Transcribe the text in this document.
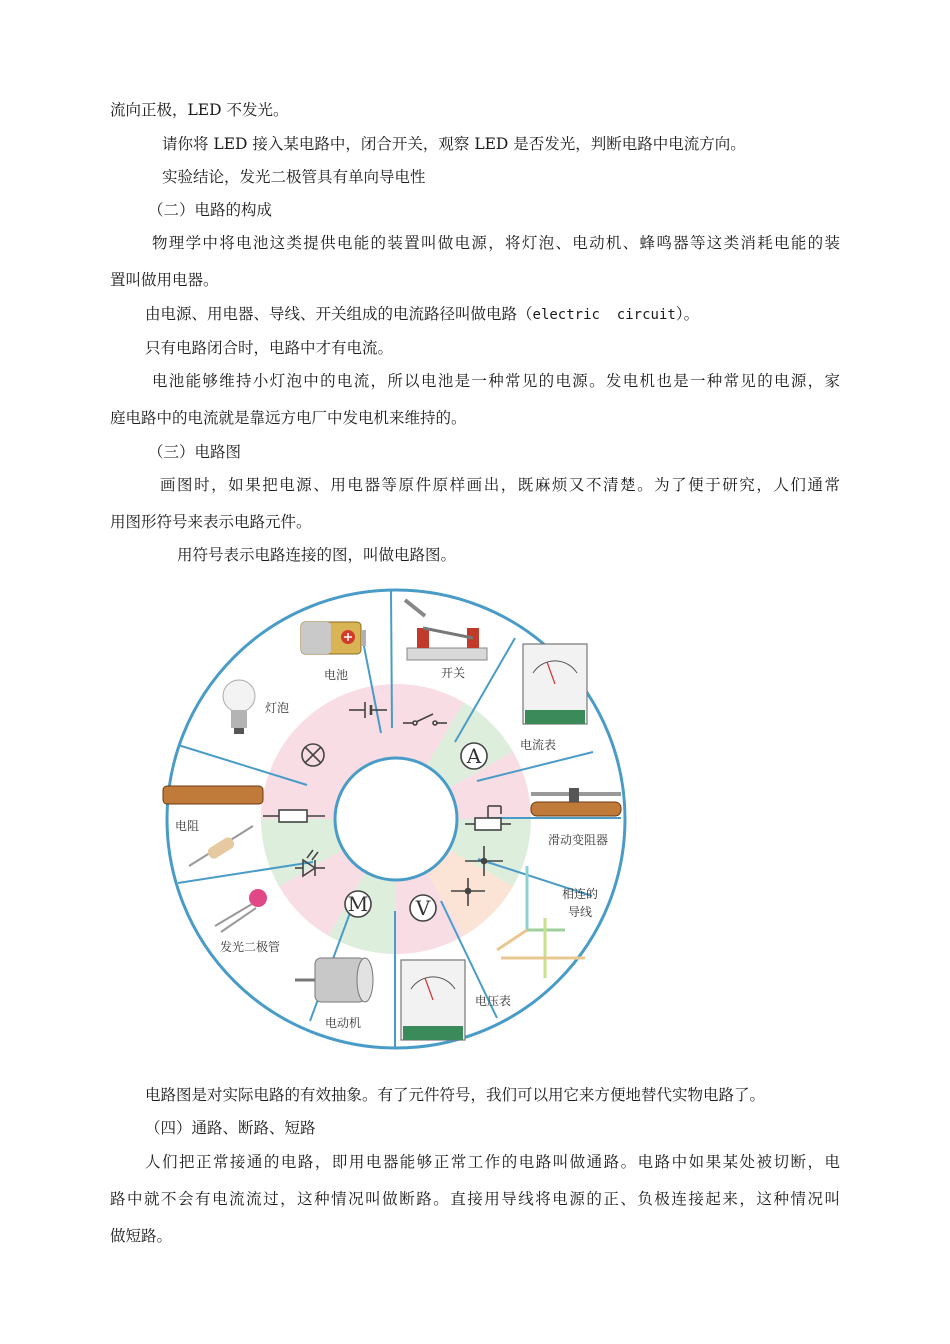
流向正极，LED 不发光。
请你将 LED 接入某电路中，闭合开关，观察 LED 是否发光，判断电路中电流方向。
实验结论，发光二极管具有单向导电性
（二）电路的构成
物理学中将电池这类提供电能的装置叫做电源，将灯泡、电动机、蜂鸣器等这类消耗电能的装
置叫做用电器。
由电源、用电器、导线、开关组成的电流路径叫做电路（electric  circuit）。
只有电路闭合时，电路中才有电流。
电池能够维持小灯泡中的电流，所以电池是一种常见的电源。发电机也是一种常见的电源，家
庭电路中的电流就是靠远方电厂中发电机来维持的。
（三）电路图
画图时，如果把电源、用电器等原件原样画出，既麻烦又不清楚。为了便于研究，人们通常
用图形符号来表示电路元件。
用符号表示电路连接的图，叫做电路图。
A
V
M
电池	开关
电流表
滑动变阻器
相连的
导线
电压表
电动机
发光二极管
电阻
灯泡
电路图是对实际电路的有效抽象。有了元件符号，我们可以用它来方便地替代实物电路了。
（四）通路、断路、短路
人们把正常接通的电路，即用电器能够正常工作的电路叫做通路。电路中如果某处被切断，电
路中就不会有电流流过，这种情况叫做断路。直接用导线将电源的正、负极连接起来，这种情况叫
做短路。
